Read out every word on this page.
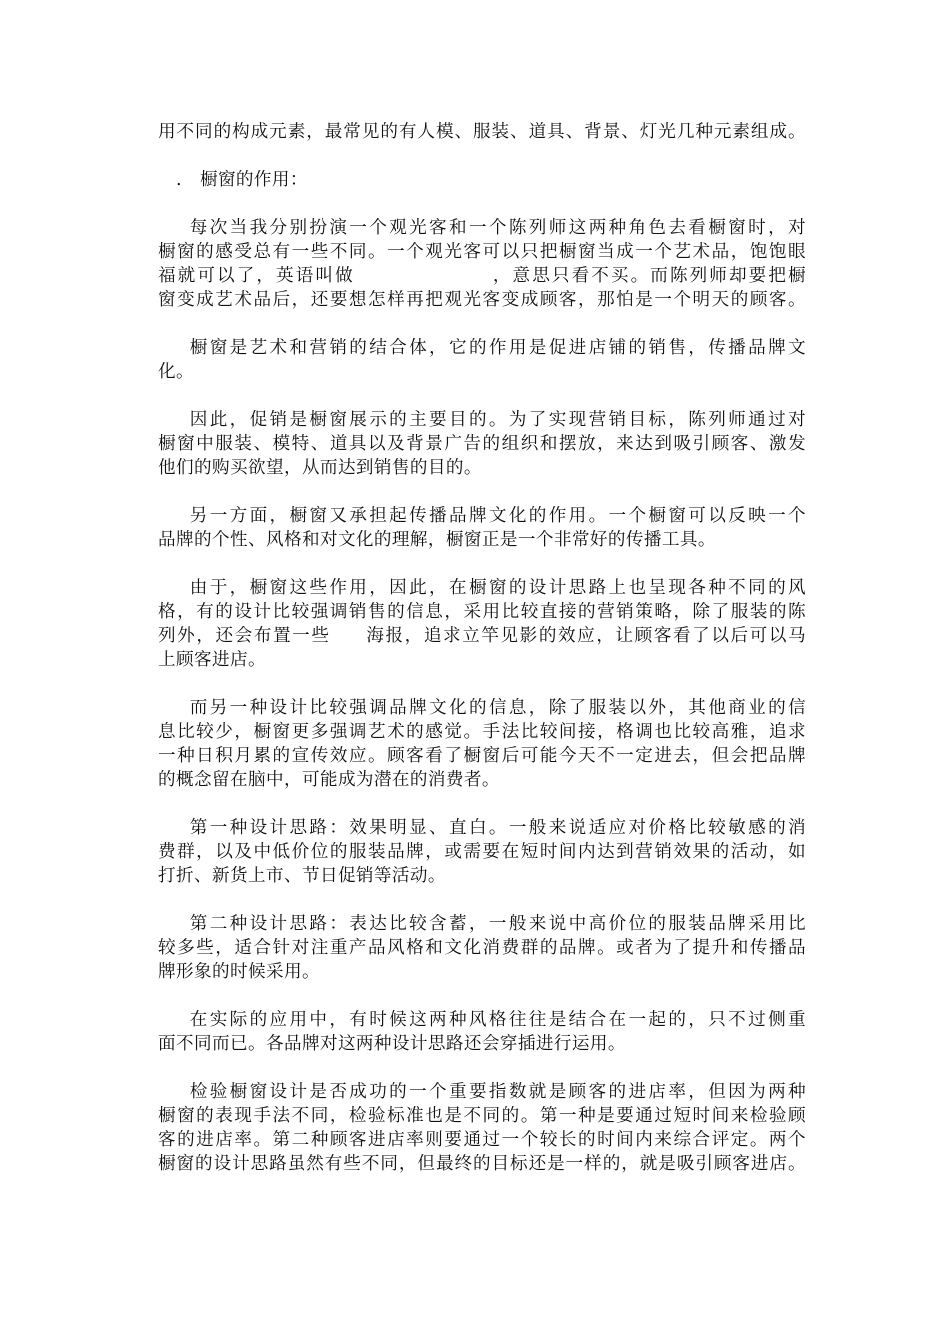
用不同的构成元素，最常见的有人模、服装、道具、背景、灯光几种元素组成。
.   橱窗的作用：
每次当我分别扮演一个观光客和一个陈列师这两种角色去看橱窗时，对
橱窗的感受总有一些不同。一个观光客可以只把橱窗当成一个艺术品，饱饱眼
福就可以了，英语叫做                  ，意思只看不买。而陈列师却要把橱
窗变成艺术品后，还要想怎样再把观光客变成顾客，那怕是一个明天的顾客。
橱窗是艺术和营销的结合体，它的作用是促进店铺的销售，传播品牌文
化。
因此，促销是橱窗展示的主要目的。为了实现营销目标，陈列师通过对
橱窗中服装、模特、道具以及背景广告的组织和摆放，来达到吸引顾客、激发
他们的购买欲望，从而达到销售的目的。
另一方面，橱窗又承担起传播品牌文化的作用。一个橱窗可以反映一个
品牌的个性、风格和对文化的理解，橱窗正是一个非常好的传播工具。
由于，橱窗这些作用，因此，在橱窗的设计思路上也呈现各种不同的风
格，有的设计比较强调销售的信息，采用比较直接的营销策略，除了服装的陈
列外，还会布置一些     海报，追求立竿见影的效应，让顾客看了以后可以马
上顾客进店。
而另一种设计比较强调品牌文化的信息，除了服装以外，其他商业的信
息比较少，橱窗更多强调艺术的感觉。手法比较间接，格调也比较高雅，追求
一种日积月累的宣传效应。顾客看了橱窗后可能今天不一定进去，但会把品牌
的概念留在脑中，可能成为潜在的消费者。
第一种设计思路：效果明显、直白。一般来说适应对价格比较敏感的消
费群，以及中低价位的服装品牌，或需要在短时间内达到营销效果的活动，如
打折、新货上市、节日促销等活动。
第二种设计思路：表达比较含蓄，一般来说中高价位的服装品牌采用比
较多些，适合针对注重产品风格和文化消费群的品牌。或者为了提升和传播品
牌形象的时候采用。
在实际的应用中，有时候这两种风格往往是结合在一起的，只不过侧重
面不同而已。各品牌对这两种设计思路还会穿插进行运用。
检验橱窗设计是否成功的一个重要指数就是顾客的进店率，但因为两种
橱窗的表现手法不同，检验标准也是不同的。第一种是要通过短时间来检验顾
客的进店率。第二种顾客进店率则要通过一个较长的时间内来综合评定。两个
橱窗的设计思路虽然有些不同，但最终的目标还是一样的，就是吸引顾客进店。
